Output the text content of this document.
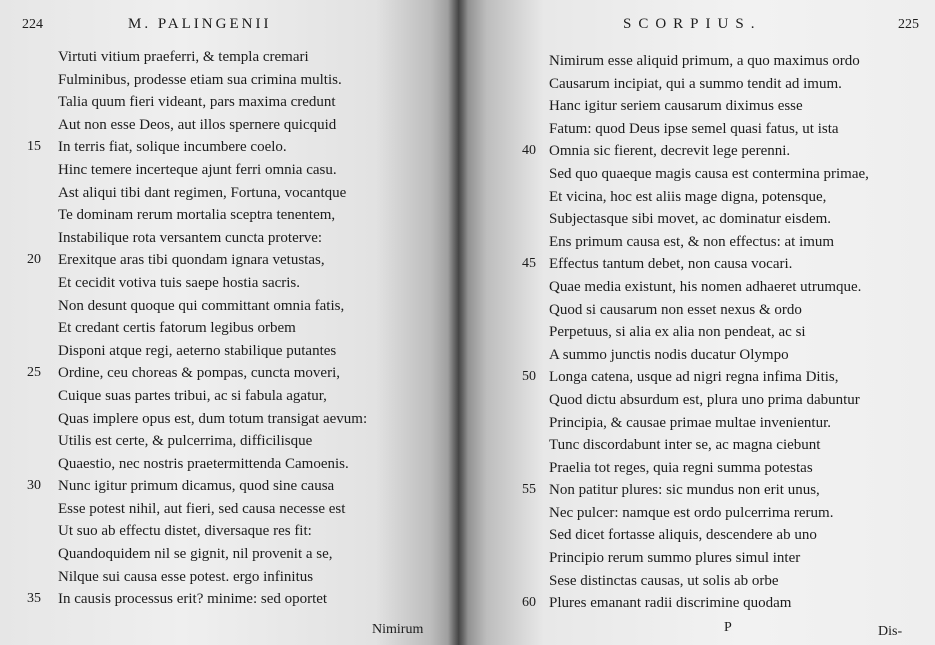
224	M. PALINGENII
Virtuti vitium praeferri, & templa cremari
Fulminibus, prodesse etiam sua crimina multis.
Talia quum fieri videant, pars maxima credunt
Aut non esse Deos, aut illos spernere quicquid
15 In terris fiat, solique incumbere coelo.
Hinc temere incerteque ajunt ferri omnia casu.
Ast aliqui tibi dant regimen, Fortuna, vocantque
Te dominam rerum mortalia sceptra tenentem,
Instabilique rota versantem cuncta proterve:
20 Erexitque aras tibi quondam ignara vetustas,
Et cecidit votiva tuis saepe hostia sacris.
Non desunt quoque qui committant omnia fatis,
Et credant certis fatorum legibus orbem
Disponi atque regi, aeterno stabilique putantes
25 Ordine, ceu choreas & pompas, cuncta moveri,
Cuique suas partes tribui, ac si fabula agatur,
Quas implere opus est, dum totum transigat aevum:
Utilis est certe, & pulcerrima, difficilisque
Quaestio, nec nostris praetermittenda Camoenis.
30 Nunc igitur primum dicamus, quod sine causa
Esse potest nihil, aut fieri, sed causa necesse est
Ut suo ab effectu distet, diversaque res fit:
Quandoquidem nil se gignit, nil provenit a se,
Nilque sui causa esse potest. ergo infinitus
35 In causis processus erit? minime: sed oportet
Nimirum
SCORPIUS.	225
Nimirum esse aliquid primum, a quo maximus ordo
Causarum incipiat, qui a summo tendit ad imum.
Hanc igitur seriem causarum diximus esse
Fatum: quod Deus ipse semel quasi fatus, ut ista
40 Omnia sic fierent, decrevit lege perenni.
Sed quo quaeque magis causa est contermina primae,
Et vicina, hoc est aliis mage digna, potensque,
Subjectasque sibi movet, ac dominatur eisdem.
Ens primum causa est, & non effectus: at imum
45 Effectus tantum debet, non causa vocari.
Quae media existunt, his nomen adhaeret utrumque.
Quod si causarum non esset nexus & ordo
Perpetuus, si alia ex alia non pendeat, ac si
A summo junctis nodis ducatur Olympo
50 Longa catena, usque ad nigri regna infima Ditis,
Quod dictu absurdum est, plura uno prima dabuntur
Principia, & causae primae multae invenientur.
Tunc discordabunt inter se, ac magna ciebunt
Praelia tot reges, quia regni summa potestas
55 Non patitur plures: sic mundus non erit unus,
Nec pulcer: namque est ordo pulcerrima rerum.
Sed dicet fortasse aliquis, descendere ab uno
Principio rerum summo plures simul inter
Sese distinctas causas, ut solis ab orbe
60 Plures emanant radii discrimine quodam
P	Dis-
